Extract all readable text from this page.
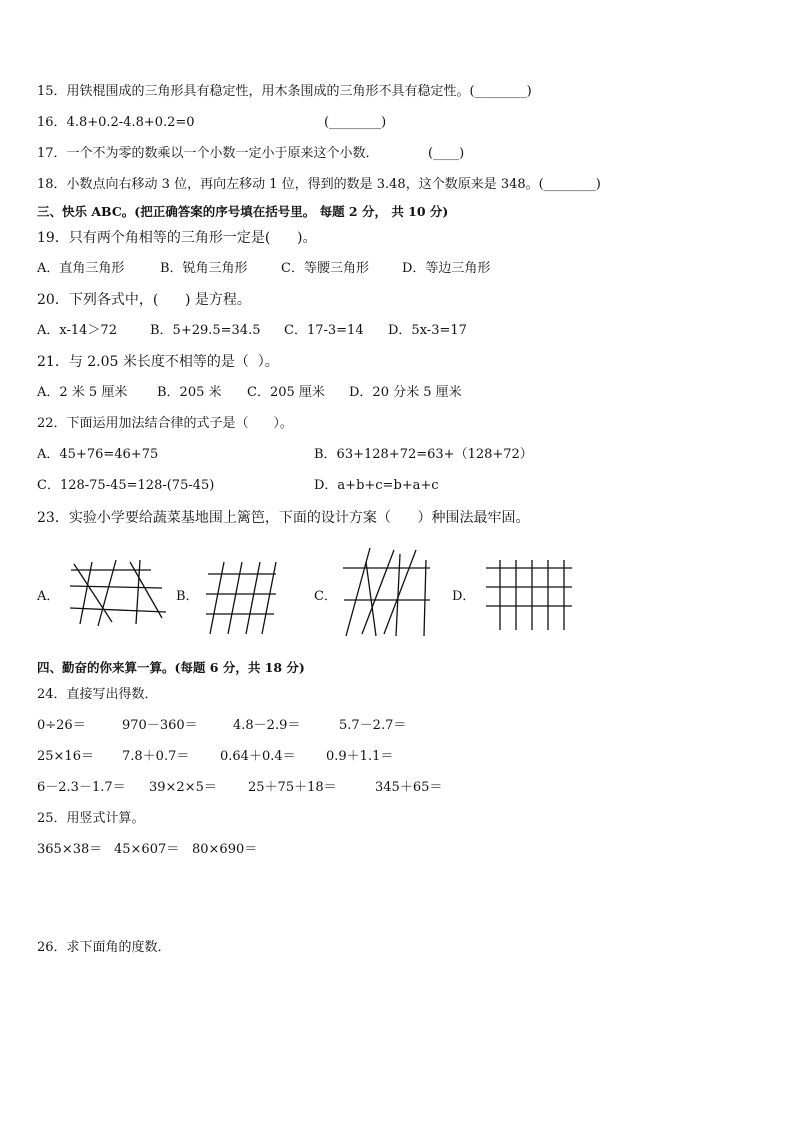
15．用铁棍围成的三角形具有稳定性，用木条围成的三角形不具有稳定性。(________)
16．4.8+0.2-4.8+0.2=0	(________)
17．一个不为零的数乘以一个小数一定小于原来这个小数．	(____)
18．小数点向右移动 3 位，再向左移动 1 位，得到的数是 3.48，这个数原来是 348。(________)
三、快乐 ABC。(把正确答案的序号填在括号里。 每题 2 分， 共 10 分)
19．只有两个角相等的三角形一定是(      )。
A．直角三角形	B．锐角三角形	C．等腰三角形	D．等边三角形
20．下列各式中，(      ) 是方程。
A．x-14＞72	B．5+29.5=34.5 C．17-3=14 D．5x-3=17
21．与 2.05 米长度不相等的是（  ）。
A．2 米 5 厘米 B．205 米 C．205 厘米 D．20 分米 5 厘米
22．下面运用加法结合律的式子是（      ）。
A．45+76=46+75	B．63+128+72=63+（128+72）
C．128-75-45=128-(75-45)	D．a+b+c=b+a+c
23．实验小学要给蔬菜基地围上篱笆，下面的设计方案（      ）种围法最牢固。
A．	B．	C．	D．
四、勤奋的你来算一算。(每题 6 分，共 18 分)
24．直接写出得数．
0÷26＝	970－360＝	4.8－2.9＝	5.7－2.7＝
25×16＝ 7.8＋0.7＝ 0.64＋0.4＝ 0.9＋1.1＝
6－2.3－1.7＝ 39×2×5＝ 25＋75＋18＝	345＋65＝
25．用竖式计算。
365×38＝ 45×607＝ 80×690＝
26．求下面角的度数．
